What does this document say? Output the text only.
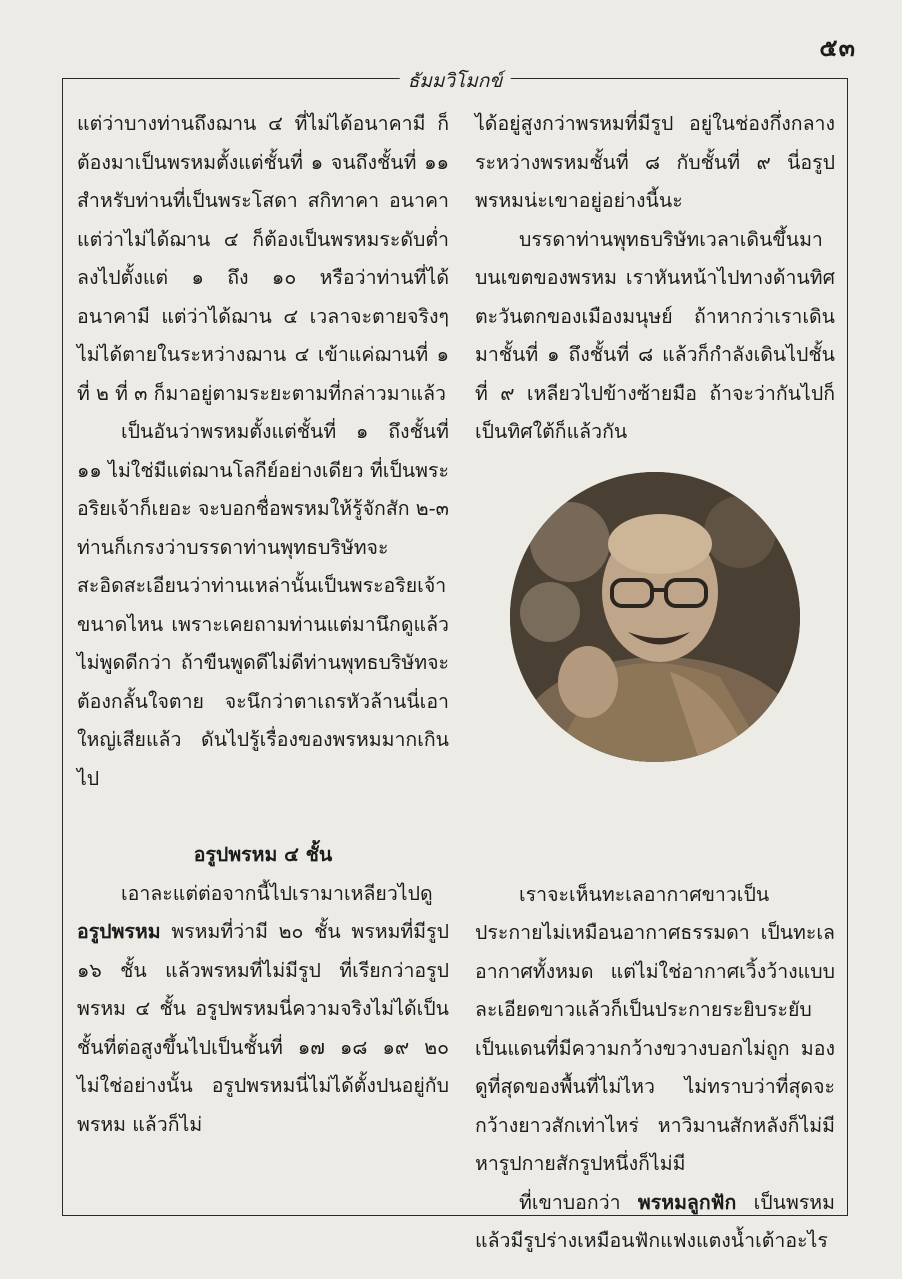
๕๓
ธัมมวิโมกข์

แต่ว่าบางท่านถึงฌาน ๔ ที่ไม่ได้อนาคามี ก็ต้องมาเป็นพรหมตั้งแต่ชั้นที่ ๑ จนถึงชั้นที่ ๑๑ สำหรับท่านที่เป็นพระโสดา สกิทาคา อนาคา แต่ว่าไม่ได้ฌาน ๔ ก็ต้องเป็นพรหมระดับต่ำลงไปตั้งแต่ ๑ ถึง ๑๐ หรือว่าท่านที่ได้อนาคามี แต่ว่าได้ฌาน ๔ เวลาจะตายจริงๆ ไม่ได้ตายในระหว่างฌาน ๔ เข้าแค่ฌานที่ ๑ ที่ ๒ ที่ ๓ ก็มาอยู่ตามระยะตามที่กล่าวมาแล้ว

เป็นอันว่าพรหมตั้งแต่ชั้นที่ ๑ ถึงชั้นที่ ๑๑ ไม่ใช่มีแต่ฌานโลกีย์อย่างเดียว ที่เป็นพระอริยเจ้าก็เยอะ จะบอกชื่อพรหมให้รู้จักสัก ๒-๓ ท่านก็เกรงว่าบรรดาท่านพุทธบริษัทจะสะอิดสะเอียนว่าท่านเหล่านั้นเป็นพระอริยเจ้าขนาดไหน เพราะเคยถามท่านแต่มานึกดูแล้วไม่พูดดีกว่า ถ้าขืนพูดดีไม่ดีท่านพุทธบริษัทจะต้องกลั้นใจตาย จะนึกว่าตาเถรหัวล้านนี่เอาใหญ่เสียแล้ว ดันไปรู้เรื่องของพรหมมากเกินไป

อรูปพรหม ๔ ชั้น

เอาละแต่ต่อจากนี้ไปเรามาเหลียวไปดู
อรูปพรหม พรหมที่ว่ามี ๒๐ ชั้น พรหมที่มีรูป ๑๖ ชั้น แล้วพรหมที่ไม่มีรูป ที่เรียกว่าอรูปพรหม ๔ ชั้น อรูปพรหมนี่ความจริงไม่ได้เป็นชั้นที่ต่อสูงขึ้นไปเป็นชั้นที่ ๑๗ ๑๘ ๑๙ ๒๐ ไม่ใช่อย่างนั้น อรูปพรหมนี่ไม่ได้ตั้งปนอยู่กับพรหม แล้วก็ไม่

ได้อยู่สูงกว่าพรหมที่มีรูป อยู่ในช่องกึ่งกลางระหว่างพรหมชั้นที่ ๘ กับชั้นที่ ๙ นี่อรูปพรหมน่ะเขาอยู่อย่างนี้นะ

บรรดาท่านพุทธบริษัทเวลาเดินขึ้นมาบนเขตของพรหม เราหันหน้าไปทางด้านทิศตะวันตกของเมืองมนุษย์ ถ้าหากว่าเราเดินมาชั้นที่ ๑ ถึงชั้นที่ ๘ แล้วก็กำลังเดินไปชั้นที่ ๙ เหลียวไปข้างซ้ายมือ ถ้าจะว่ากันไปก็เป็นทิศใต้ก็แล้วกัน

เราจะเห็นทะเลอากาศขาวเป็นประกายไม่เหมือนอากาศธรรมดา เป็นทะเลอากาศทั้งหมด แต่ไม่ใช่อากาศเวิ้งว้างแบบละเอียดขาวแล้วก็เป็นประกายระยิบระยับ เป็นแดนที่มีความกว้างขวางบอกไม่ถูก มองดูที่สุดของพื้นที่ไม่ไหว ไม่ทราบว่าที่สุดจะกว้างยาวสักเท่าไหร่ หาวิมานสักหลังก็ไม่มี หารูปกายสักรูปหนึ่งก็ไม่มี

ที่เขาบอกว่า พรหมลูกฟัก เป็นพรหมแล้วมีรูปร่างเหมือนฟักแฟงแตงน้ำเต้าอะไร
